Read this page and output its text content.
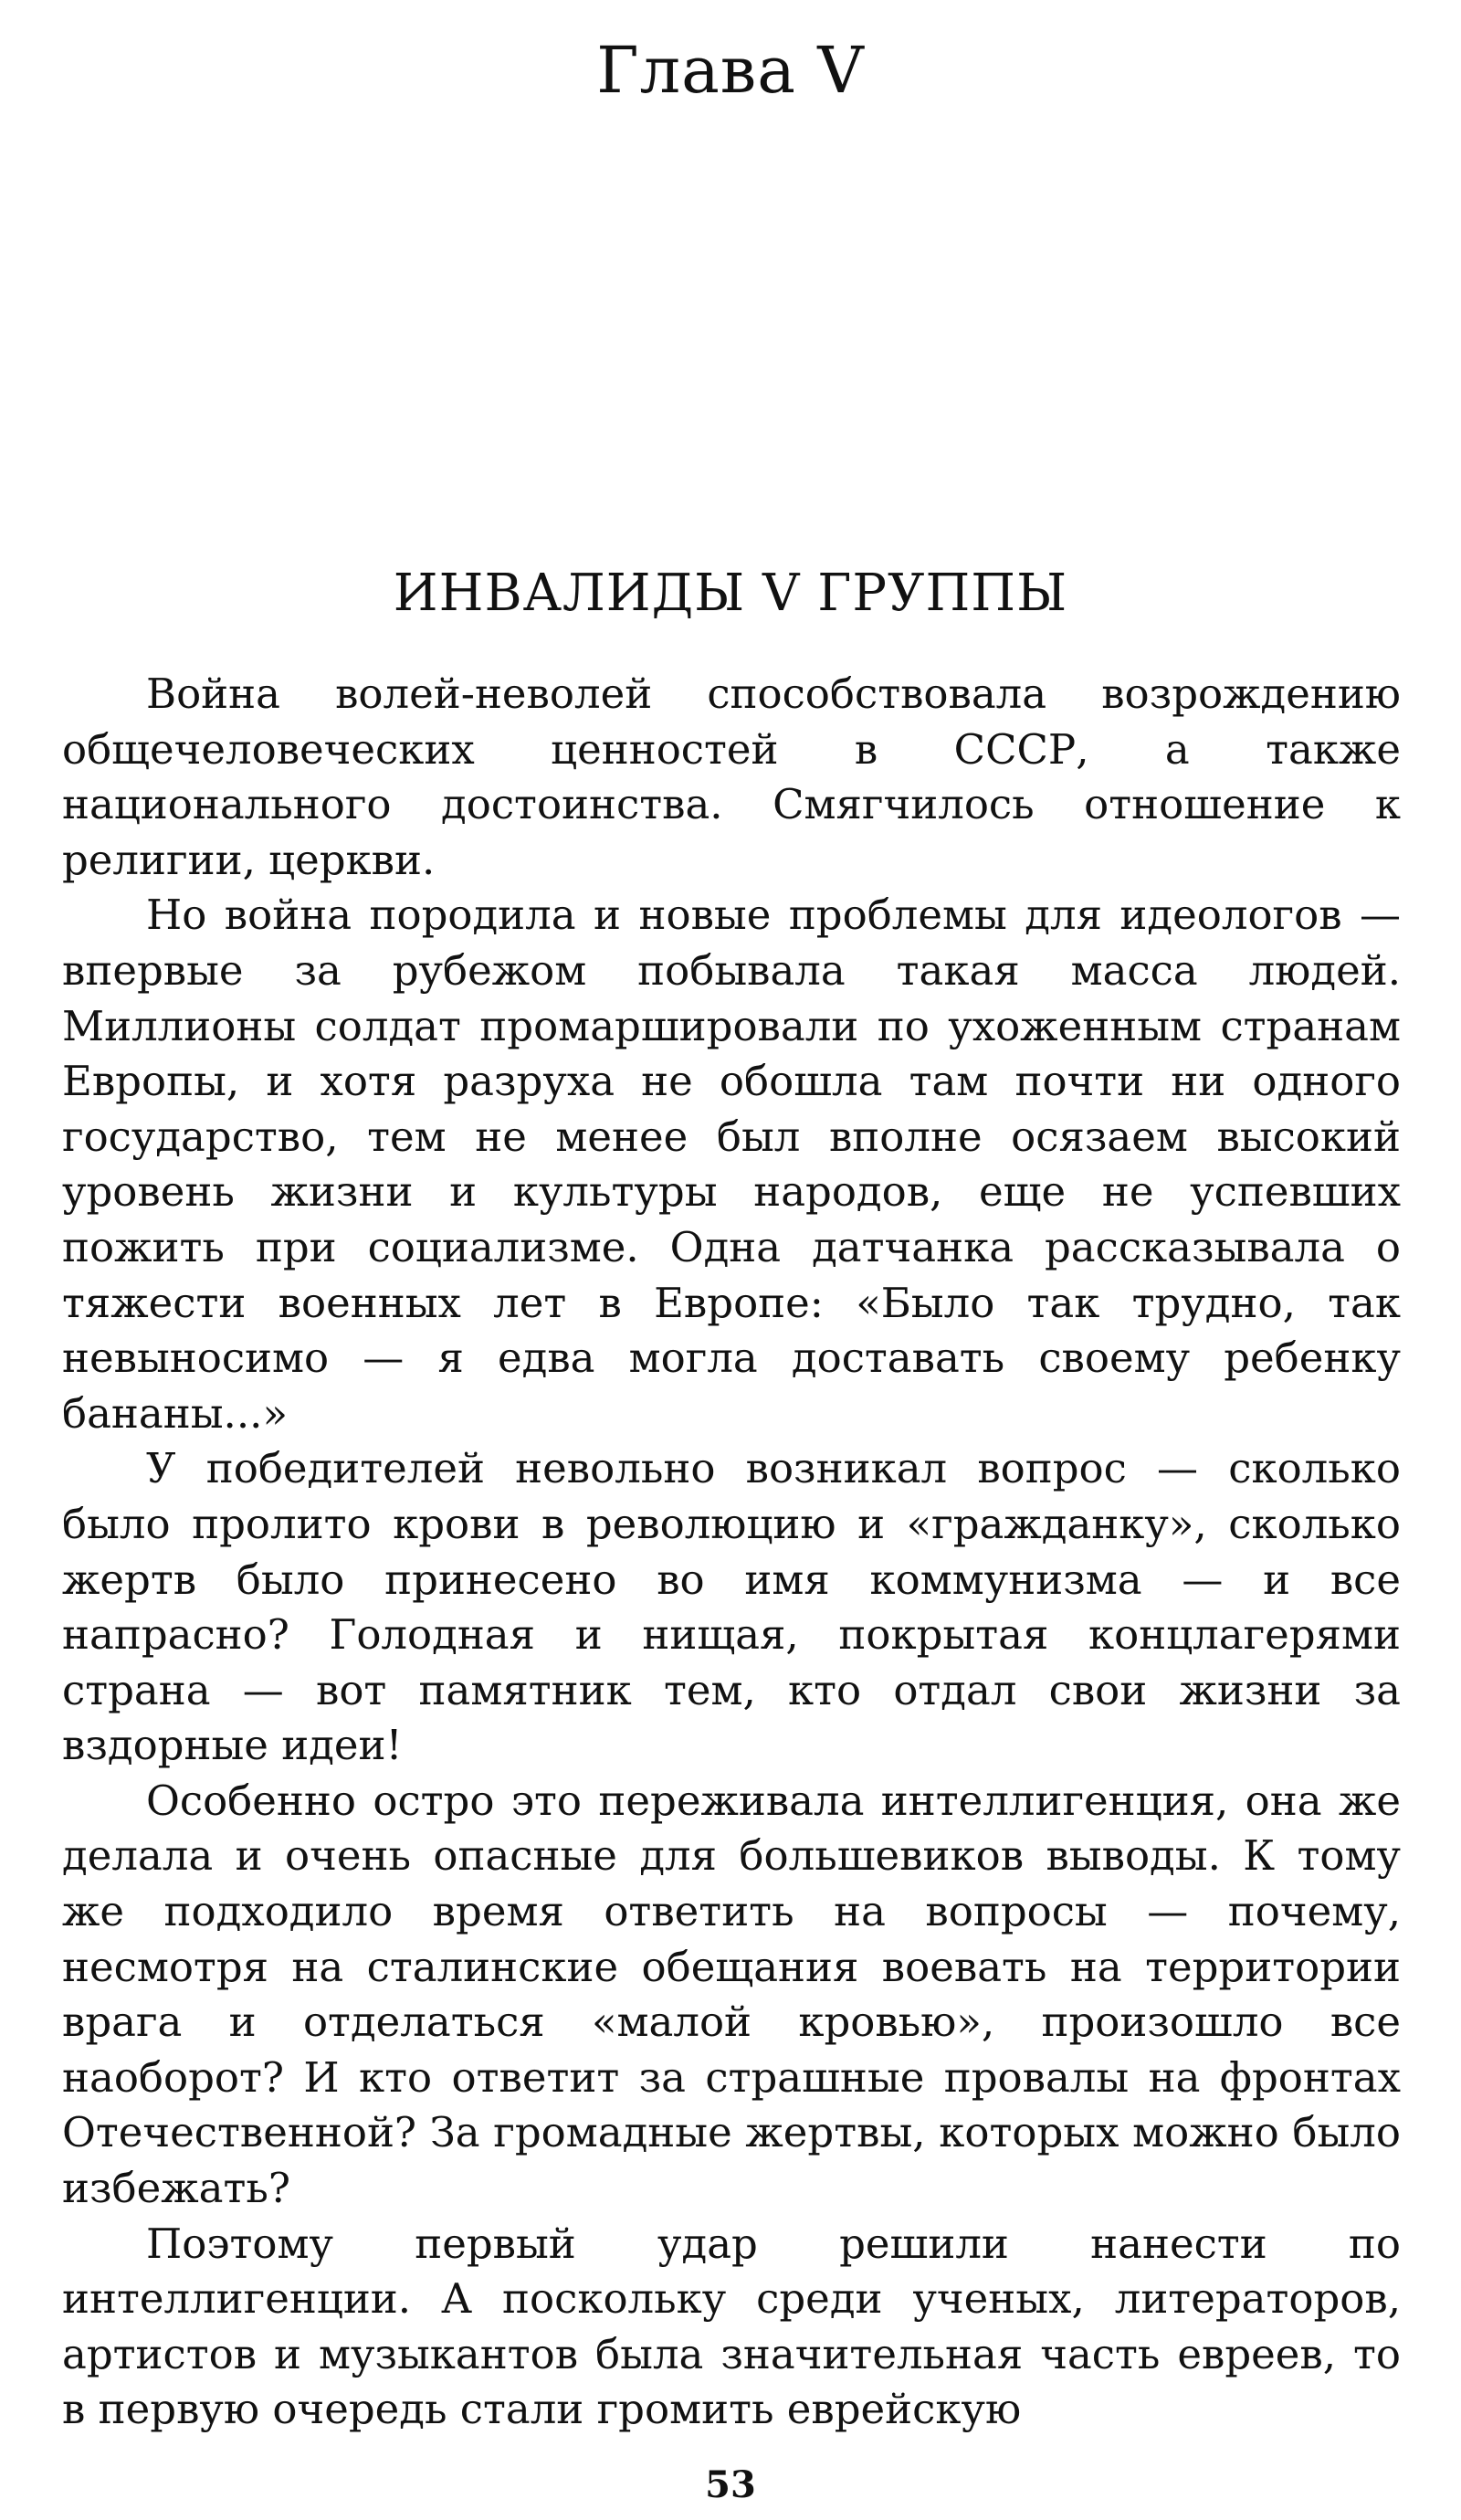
Глава V
ИНВАЛИДЫ V ГРУППЫ

Война волей-неволей способствовала возрождению общечеловеческих ценностей в СССР, а также национального достоинства. Смягчилось отношение к религии, церкви.

Но война породила и новые проблемы для идеологов — впервые за рубежом побывала такая масса людей. Миллионы солдат промаршировали по ухоженным странам Европы, и хотя разруха не обошла там почти ни одного государство, тем не менее был вполне осязаем высокий уровень жизни и культуры народов, еще не успевших пожить при социализме. Одна датчанка рассказывала о тяжести военных лет в Европе: «Было так трудно, так невыносимо — я едва могла доставать своему ребенку бананы...»

У победителей невольно возникал вопрос — сколько было пролито крови в революцию и «гражданку», сколько жертв было принесено во имя коммунизма — и все напрасно? Голодная и нищая, покрытая концлагерями страна — вот памятник тем, кто отдал свои жизни за вздорные идеи!

Особенно остро это переживала интеллигенция, она же делала и очень опасные для большевиков выводы. К тому же подходило время ответить на вопросы — почему, несмотря на сталинские обещания воевать на территории врага и отделаться «малой кровью», произошло все наоборот? И кто ответит за страшные провалы на фронтах Отечественной? За громадные жертвы, которых можно было избежать?

Поэтому первый удар решили нанести по интеллигенции. А поскольку среди ученых, литераторов, артистов и музыкантов была значительная часть евреев, то в первую очередь стали громить еврейскую

53
